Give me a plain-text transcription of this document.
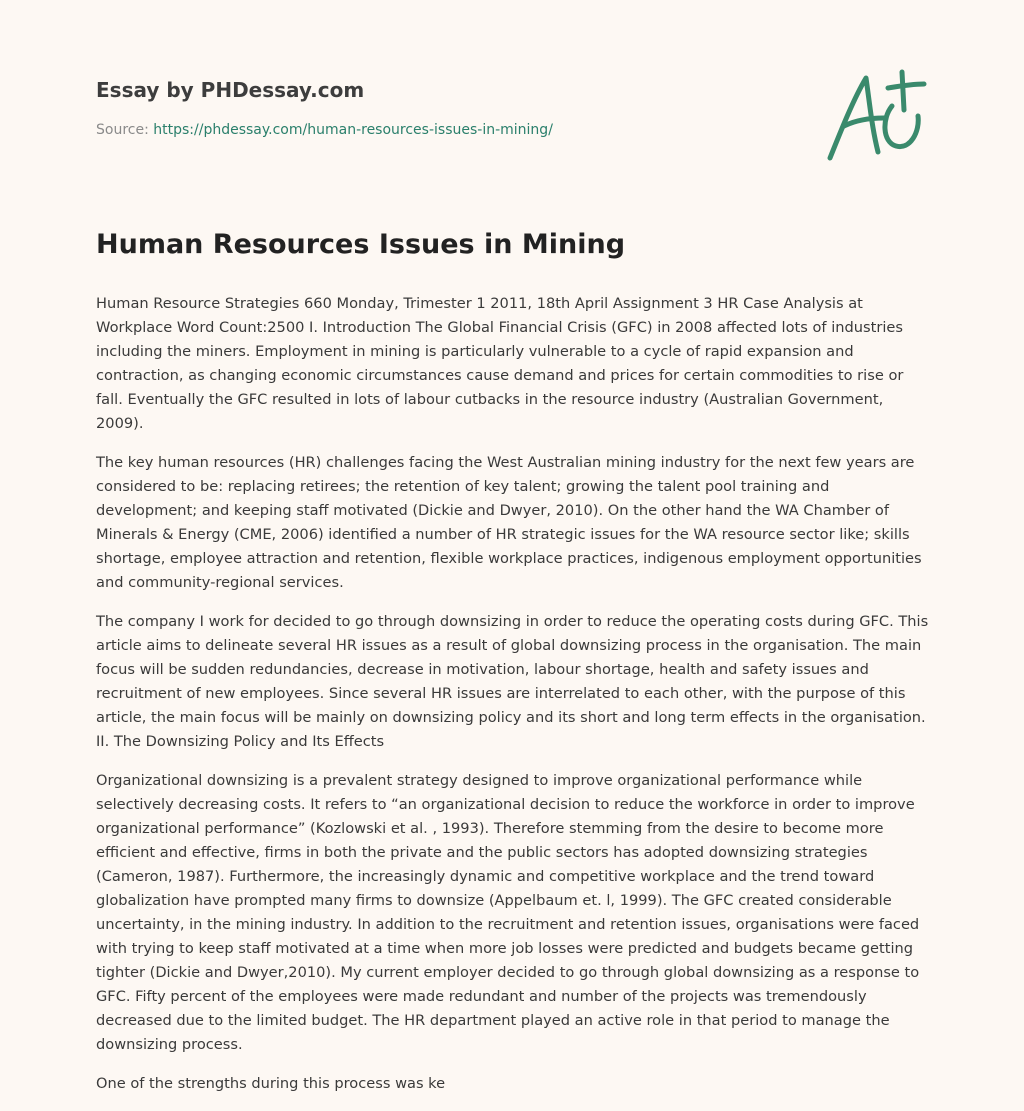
Essay by PHDessay.com
Source: https://phdessay.com/human-resources-issues-in-mining/
Human Resources Issues in Mining

Human Resource Strategies 660 Monday, Trimester 1 2011, 18th April Assignment 3 HR Case Analysis at Workplace Word Count:2500 I. Introduction The Global Financial Crisis (GFC) in 2008 affected lots of industries including the miners. Employment in mining is particularly vulnerable to a cycle of rapid expansion and contraction, as changing economic circumstances cause demand and prices for certain commodities to rise or fall. Eventually the GFC resulted in lots of labour cutbacks in the resource industry (Australian Government, 2009).

The key human resources (HR) challenges facing the West Australian mining industry for the next few years are considered to be: replacing retirees; the retention of key talent; growing the talent pool training and development; and keeping staff motivated (Dickie and Dwyer, 2010). On the other hand the WA Chamber of Minerals & Energy (CME, 2006) identified a number of HR strategic issues for the WA resource sector like; skills shortage, employee attraction and retention, flexible workplace practices, indigenous employment opportunities and community-regional services.

The company I work for decided to go through downsizing in order to reduce the operating costs during GFC. This article aims to delineate several HR issues as a result of global downsizing process in the organisation. The main focus will be sudden redundancies, decrease in motivation, labour shortage, health and safety issues and recruitment of new employees. Since several HR issues are interrelated to each other, with the purpose of this article, the main focus will be mainly on downsizing policy and its short and long term effects in the organisation. II. The Downsizing Policy and Its Effects

Organizational downsizing is a prevalent strategy designed to improve organizational performance while selectively decreasing costs. It refers to “an organizational decision to reduce the workforce in order to improve organizational performance” (Kozlowski et al. , 1993). Therefore stemming from the desire to become more efficient and effective, firms in both the private and the public sectors has adopted downsizing strategies (Cameron, 1987). Furthermore, the increasingly dynamic and competitive workplace and the trend toward globalization have prompted many firms to downsize (Appelbaum et. l, 1999). The GFC created considerable uncertainty, in the mining industry. In addition to the recruitment and retention issues, organisations were faced with trying to keep staff motivated at a time when more job losses were predicted and budgets became getting tighter (Dickie and Dwyer,2010). My current employer decided to go through global downsizing as a response to GFC. Fifty percent of the employees were made redundant and number of the projects was tremendously decreased due to the limited budget. The HR department played an active role in that period to manage the downsizing process.

One of the strengths during this process was ke
